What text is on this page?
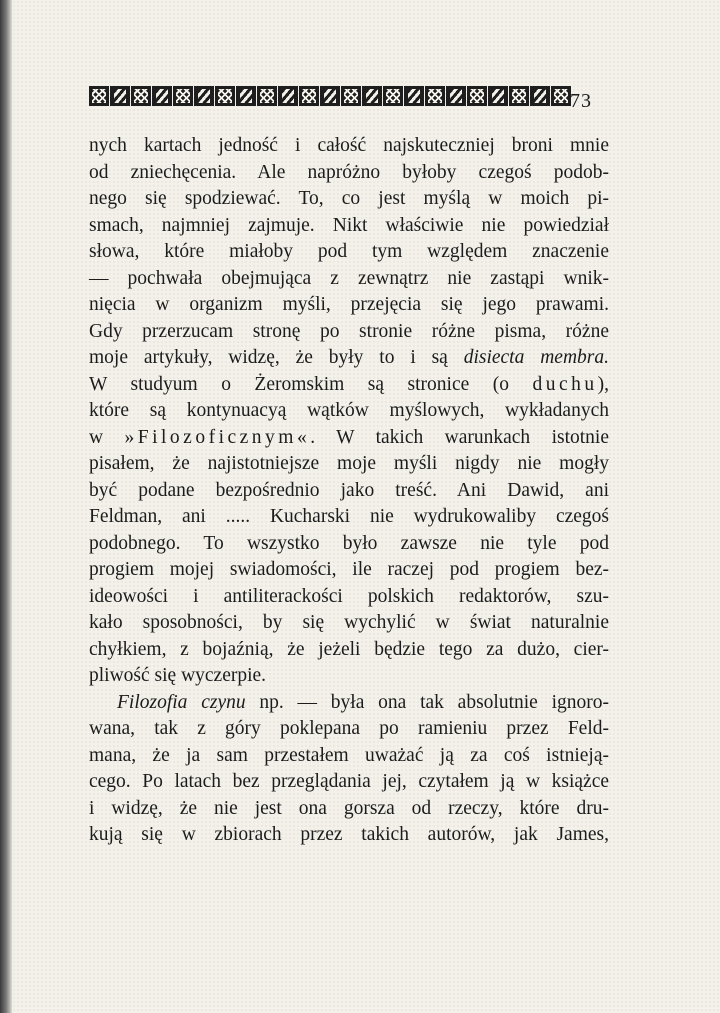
73
nych kartach jedność i całość najskuteczniej broni mnie
od zniechęcenia. Ale napróżno byłoby czegoś podob-
nego się spodziewać. To, co jest myślą w moich pi-
smach, najmniej zajmuje. Nikt właściwie nie powiedział
słowa, które miałoby pod tym względem znaczenie
— pochwała obejmująca z zewnątrz nie zastąpi wnik-
nięcia w organizm myśli, przejęcia się jego prawami.
Gdy przerzucam stronę po stronie różne pisma, różne
moje artykuły, widzę, że były to i są disiecta membra.
W studyum o Żeromskim są stronice (o duchu),
które są kontynuacyą wątków myślowych, wykładanych
w »Filozoficznym«. W takich warunkach istotnie
pisałem, że najistotniejsze moje myśli nigdy nie mogły
być podane bezpośrednio jako treść. Ani Dawid, ani
Feldman, ani ..... Kucharski nie wydrukowaliby czegoś
podobnego. To wszystko było zawsze nie tyle pod
progiem mojej swiadomości, ile raczej pod progiem bez-
ideowości i antiliterackości polskich redaktorów, szu-
kało sposobności, by się wychylić w świat naturalnie
chyłkiem, z bojaźnią, że jeżeli będzie tego za dużo, cier-
pliwość się wyczerpie.
Filozofia czynu np. — była ona tak absolutnie ignoro-
wana, tak z góry poklepana po ramieniu przez Feld-
mana, że ja sam przestałem uważać ją za coś istnieją-
cego. Po latach bez przeglądania jej, czytałem ją w książce
i widzę, że nie jest ona gorsza od rzeczy, które dru-
kują się w zbiorach przez takich autorów, jak James,
